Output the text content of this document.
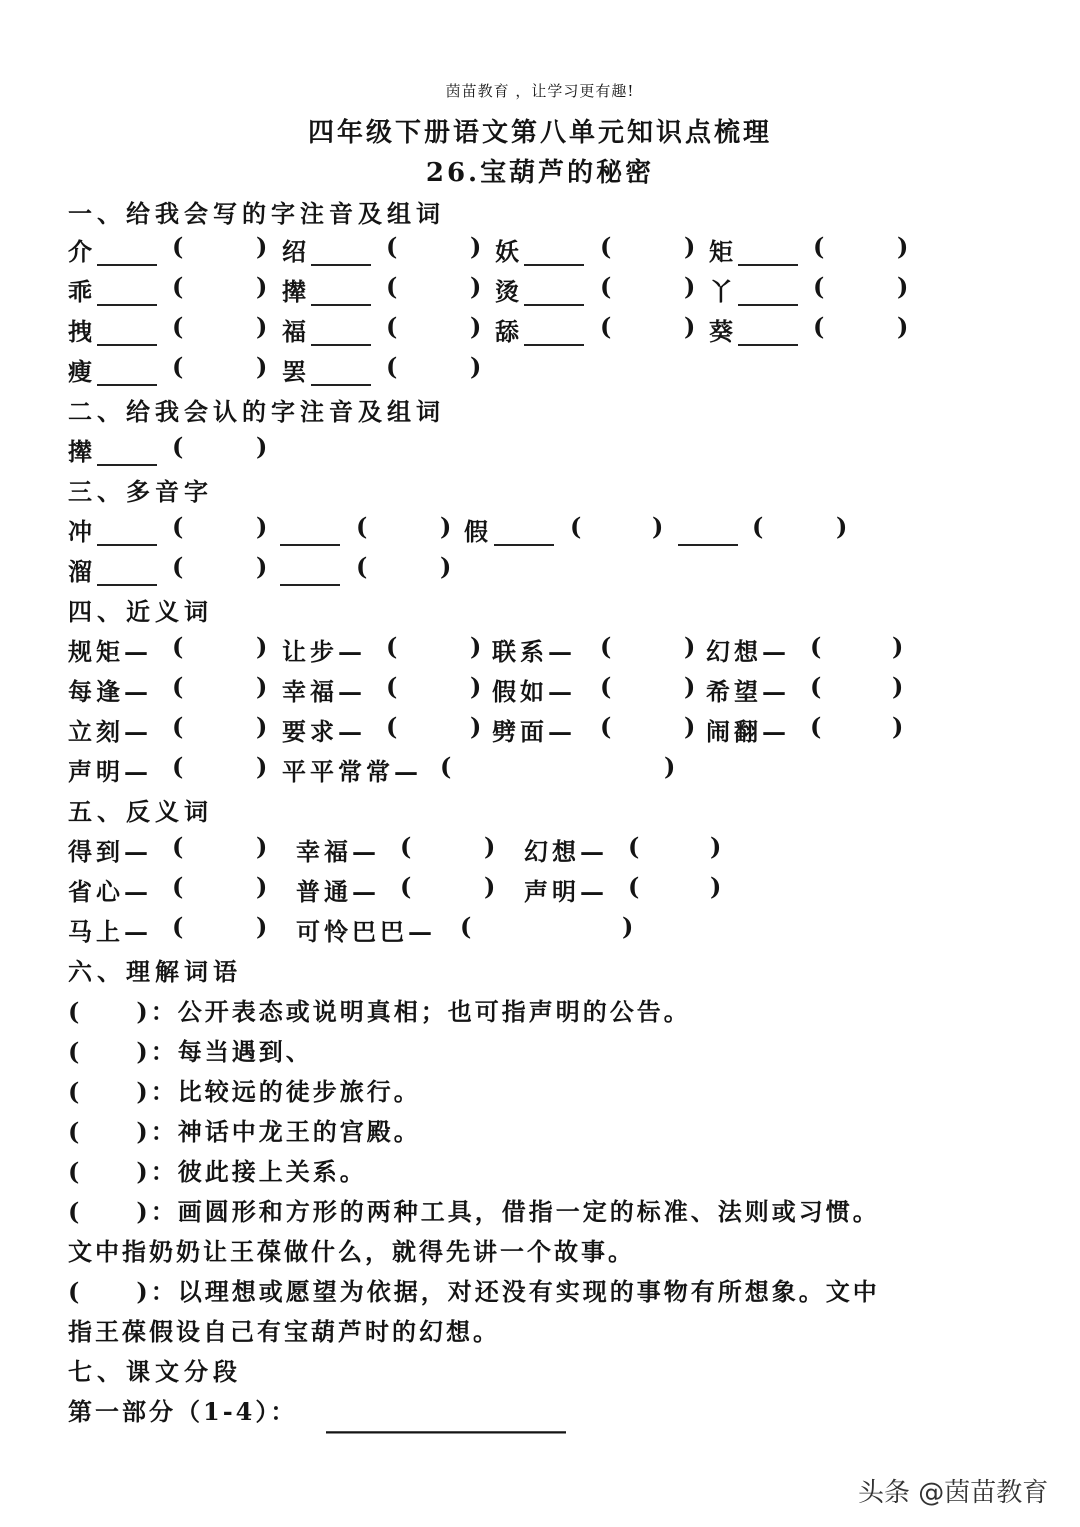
茵苗教育 ，让学习更有趣!
四年级下册语文第八单元知识点梳理
26.宝葫芦的秘密
一、给我会写的字注音及组词
介	(	) 绍	(	) 妖	(	) 矩	(	)
乖	(	) 撵	(	) 烫	(	) 丫	(	)
拽	(	) 福	(	) 舔	(	) 葵	(	)
瘦	(	) 罢	(	)
二、给我会认的字注音及组词
撵	(	)
三、多音字
冲	(	)	(	) 假	(	)	(	)
溜	(	)	(	)
四、近义词
规矩— (	) 让步— (	) 联系— (	) 幻想— (	)
每逢— (	) 幸福— (	) 假如— (	) 希望— (	)
立刻— (	) 要求— (	) 劈面— (	) 闹翻— (	)
声明— (	) 平平常常— (	)
五、反义词
得到— (	) 幸福— (	) 幻想— (	)
省心— (	) 普通— (	) 声明— (	)
马上— (	) 可怜巴巴— (	)
六、理解词语
(　　)：公开表态或说明真相；也可指声明的公告。
(　　)：每当遇到、
(　　)：比较远的徒步旅行。
(　　)：神话中龙王的宫殿。
(　　)：彼此接上关系。
(　　)：画圆形和方形的两种工具，借指一定的标准、法则或习惯。
文中指奶奶让王葆做什么，就得先讲一个故事。
(　　)：以理想或愿望为依据，对还没有实现的事物有所想象。文中
指王葆假设自己有宝葫芦时的幻想。
七、课文分段
第一部分（1-4）： ____________________
头条 @茵苗教育
